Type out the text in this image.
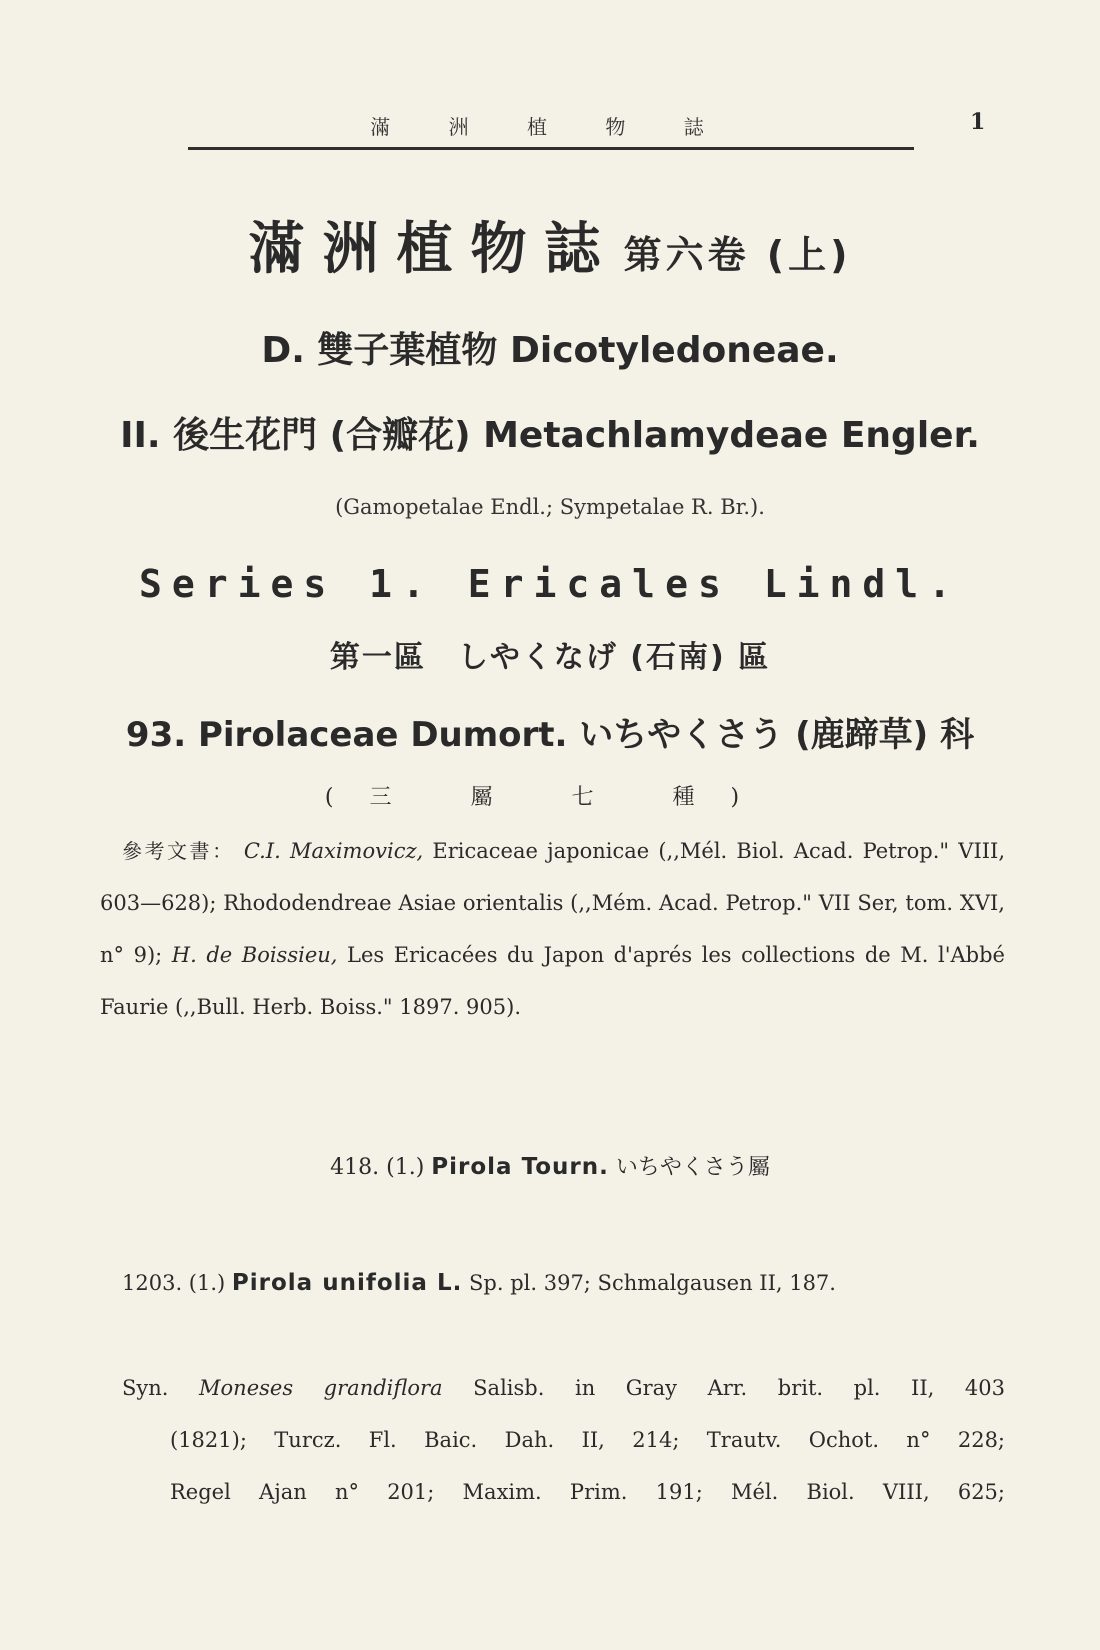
滿 洲 植 物 誌	1
滿洲植物誌 第六卷 (上)
D. 雙子葉植物 Dicotyledoneae.
II. 後生花門 (合瓣花) Metachlamydeae Engler.
(Gamopetalae Endl.; Sympetalae R. Br.).
Series 1. Ericales Lindl.
第一區　しやくなげ (石南) 區
93. Pirolaceae Dumort. いちやくさう (鹿蹄草) 科
(三 屬 七 種)
參考文書： C.I. Maximovicz, Ericaceae japonicae (,,Mél. Biol. Acad. Petrop." VIII, 603—628); Rhododendreae Asiae orientalis (,,Mém. Acad. Petrop." VII Ser, tom. XVI, n° 9); H. de Boissieu, Les Ericacées du Japon d'aprés les collections de M. l'Abbé Faurie (,,Bull. Herb. Boiss." 1897. 905).
418. (1.) Pirola Tourn. いちやくさう屬
1203. (1.) Pirola unifolia L. Sp. pl. 397; Schmalgausen II, 187.
Syn. Moneses grandiflora Salisb. in Gray Arr. brit. pl. II, 403
(1821); Turcz. Fl. Baic. Dah. II, 214; Trautv. Ochot. n° 228;
Regel Ajan n° 201; Maxim. Prim. 191; Mél. Biol. VIII, 625;
